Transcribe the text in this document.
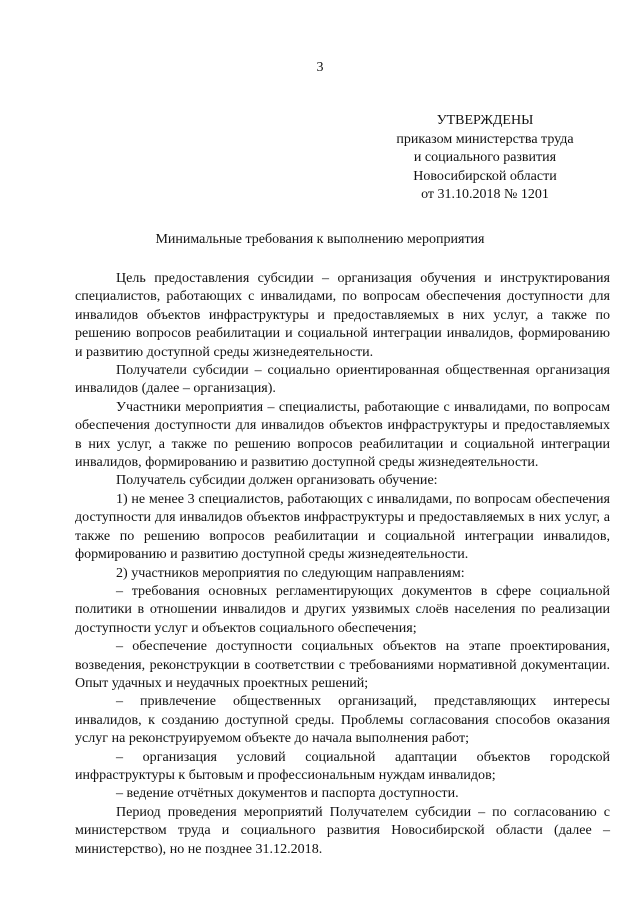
3
УТВЕРЖДЕНЫ
приказом министерства труда
и социального развития
Новосибирской области
от 31.10.2018 № 1201
Минимальные требования к выполнению мероприятия

Цель предоставления субсидии – организация обучения и инструктирования специалистов, работающих с инвалидами, по вопросам обеспечения доступности для инвалидов объектов инфраструктуры и предоставляемых в них услуг, а также по решению вопросов реабилитации и социальной интеграции инвалидов, формированию и развитию доступной среды жизнедеятельности.

Получатели субсидии – социально ориентированная общественная организация инвалидов (далее – организация).

Участники мероприятия – специалисты, работающие с инвалидами, по вопросам обеспечения доступности для инвалидов объектов инфраструктуры и предоставляемых в них услуг, а также по решению вопросов реабилитации и социальной интеграции инвалидов, формированию и развитию доступной среды жизнедеятельности.

Получатель субсидии должен организовать обучение:

1) не менее 3 специалистов, работающих с инвалидами, по вопросам обеспечения доступности для инвалидов объектов инфраструктуры и предоставляемых в них услуг, а также по решению вопросов реабилитации и социальной интеграции инвалидов, формированию и развитию доступной среды жизнедеятельности.

2) участников мероприятия по следующим направлениям:

– требования основных регламентирующих документов в сфере социальной политики в отношении инвалидов и других уязвимых слоёв населения по реализации доступности услуг и объектов социального обеспечения;

– обеспечение доступности социальных объектов на этапе проектирования, возведения, реконструкции в соответствии с требованиями нормативной документации. Опыт удачных и неудачных проектных решений;

– привлечение общественных организаций, представляющих интересы инвалидов, к созданию доступной среды. Проблемы согласования способов оказания услуг на реконструируемом объекте до начала выполнения работ;

– организация условий социальной адаптации объектов городской инфраструктуры к бытовым и профессиональным нуждам инвалидов;

– ведение отчётных документов и паспорта доступности.

Период проведения мероприятий Получателем субсидии – по согласованию с министерством труда и социального развития Новосибирской области (далее – министерство), но не позднее 31.12.2018.
